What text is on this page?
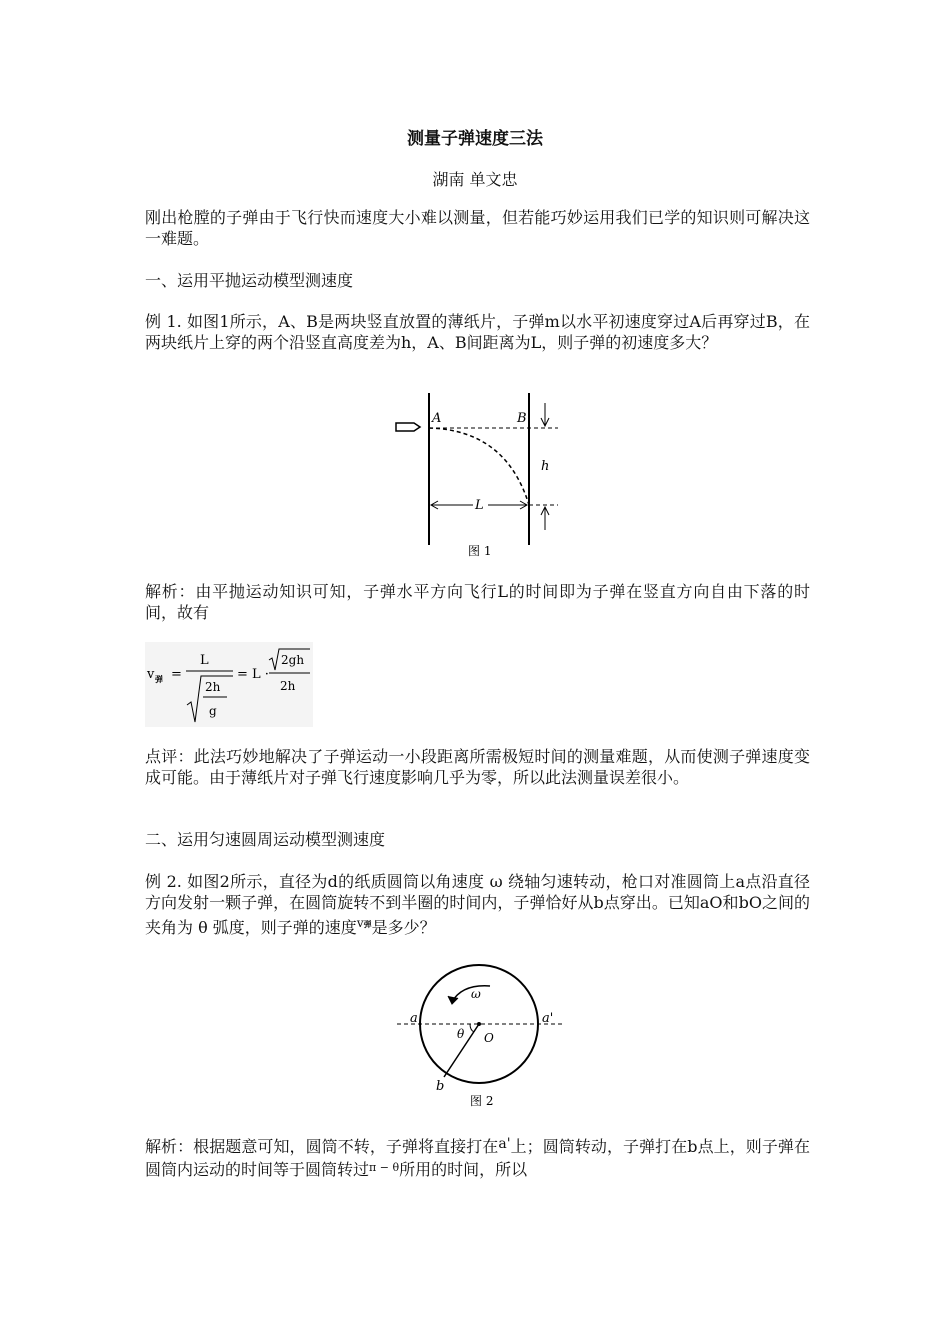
测量子弹速度三法
湖南 单文忠
刚出枪膛的子弹由于飞行快而速度大小难以测量，但若能巧妙运用我们已学的知识则可解决这一难题。
一、运用平抛运动模型测速度
例 1. 如图1所示，A、B是两块竖直放置的薄纸片，子弹m以水平初速度穿过A后再穿过B，在两块纸片上穿的两个沿竖直高度差为h，A、B间距离为L，则子弹的初速度多大？
A	B
h
L
图 1
解析：由平抛运动知识可知，子弹水平方向飞行L的时间即为子弹在竖直方向自由下落的时间，故有
v 弹 =
L
2h
g
= L ·
2gh
2h
点评：此法巧妙地解决了子弹运动一小段距离所需极短时间的测量难题，从而使测子弹速度变成可能。由于薄纸片对子弹飞行速度影响几乎为零，所以此法测量误差很小。
二、运用匀速圆周运动模型测速度
例 2. 如图2所示，直径为d的纸质圆筒以角速度 ω 绕轴匀速转动，枪口对准圆筒上a点沿直径方向发射一颗子弹，在圆筒旋转不到半圈的时间内，子弹恰好从b点穿出。已知aO和bO之间的夹角为 θ 弧度，则子弹的速度$^{v弹}$是多少？
ω
a	a'
θ O
b
图 2
解析：根据题意可知，圆筒不转，子弹将直接打在a'上；圆筒转动，子弹打在b点上，则子弹在圆筒内运动的时间等于圆筒转过$^{\pi - \theta}$所用的时间，所以
